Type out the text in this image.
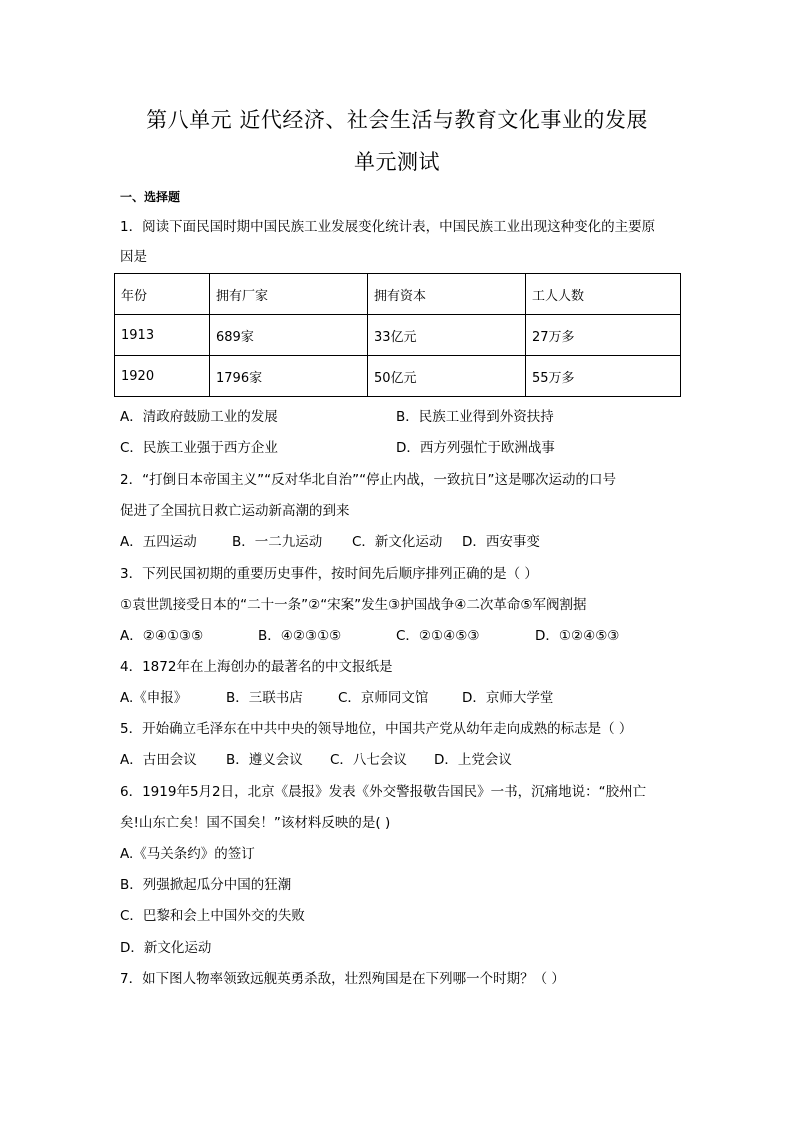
第八单元 近代经济、社会生活与教育文化事业的发展
单元测试
一、选择题
1．阅读下面民国时期中国民族工业发展变化统计表，中国民族工业出现这种变化的主要原
因是
年份	拥有厂家	拥有资本	工人人数
1913	689家	33亿元	27万多
1920	1796家	50亿元	55万多
A．清政府鼓励工业的发展	B．民族工业得到外资扶持
C．民族工业强于西方企业	D．西方列强忙于欧洲战事
2．“打倒日本帝国主义”“反对华北自治”“停止内战，一致抗日”这是哪次运动的口号
促进了全国抗日救亡运动新高潮的到来
A．五四运动	B．一二九运动 C．新文化运动 D．西安事变
3．下列民国初期的重要历史事件，按时间先后顺序排列正确的是（ ）
①袁世凯接受日本的“二十一条”②“宋案”发生③护国战争④二次革命⑤军阀割据
A．②④①③⑤	B．④②③①⑤	C．②①④⑤③	D．①②④⑤③
4．1872年在上海创办的最著名的中文报纸是
A.《申报》	B．三联书店	C．京师同文馆 D．京师大学堂
5．开始确立毛泽东在中共中央的领导地位，中国共产党从幼年走向成熟的标志是（ ）
A．古田会议 B．遵义会议 C．八七会议 D．上党会议
6．1919年5月2日，北京《晨报》发表《外交警报敬告国民》一书，沉痛地说：“胶州亡
矣!山东亡矣！国不国矣！”该材料反映的是( )
A.《马关条约》的签订
B．列强掀起瓜分中国的狂潮
C．巴黎和会上中国外交的失败
D．新文化运动
7．如下图人物率领致远舰英勇杀敌，壮烈殉国是在下列哪一个时期？（ ）
